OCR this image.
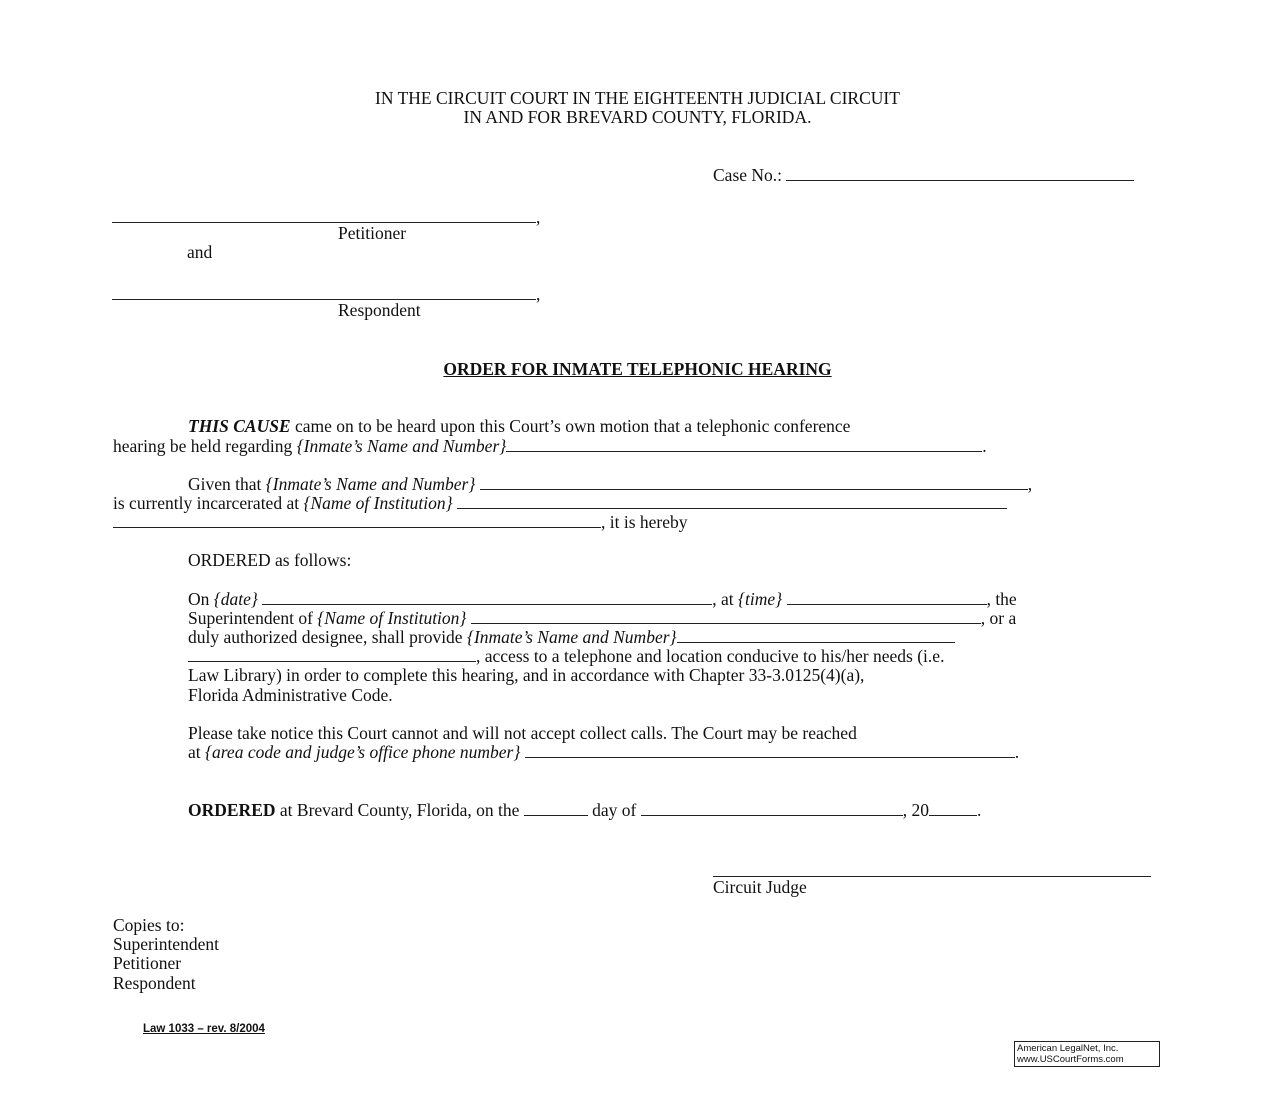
IN THE CIRCUIT COURT IN THE EIGHTEENTH JUDICIAL CIRCUIT
IN AND FOR BREVARD COUNTY, FLORIDA.
Case No.:
,
Petitioner
and
,
Respondent
ORDER FOR INMATE TELEPHONIC HEARING
THIS CAUSE came on to be heard upon this Court’s own motion that a telephonic conference
hearing be held regarding {Inmate’s Name and Number}	.
Given that {Inmate’s Name and Number}	,
is currently incarcerated at {Name of Institution}
, it is hereby
ORDERED as follows:
On {date}	, at {time}	, the
Superintendent of {Name of Institution}	, or a
duly authorized designee, shall provide {Inmate’s Name and Number}
, access to a telephone and location conducive to his/her needs (i.e.
Law Library) in order to complete this hearing, and in accordance with Chapter 33-3.0125(4)(a),
Florida Administrative Code.
Please take notice this Court cannot and will not accept collect calls. The Court may be reached
at {area code and judge’s office phone number}	.
ORDERED at Brevard County, Florida, on the	day of	, 20	.
Circuit Judge
Copies to:
Superintendent
Petitioner
Respondent
Law 1033 – rev. 8/2004
American LegalNet, Inc.
www.USCourtForms.com
